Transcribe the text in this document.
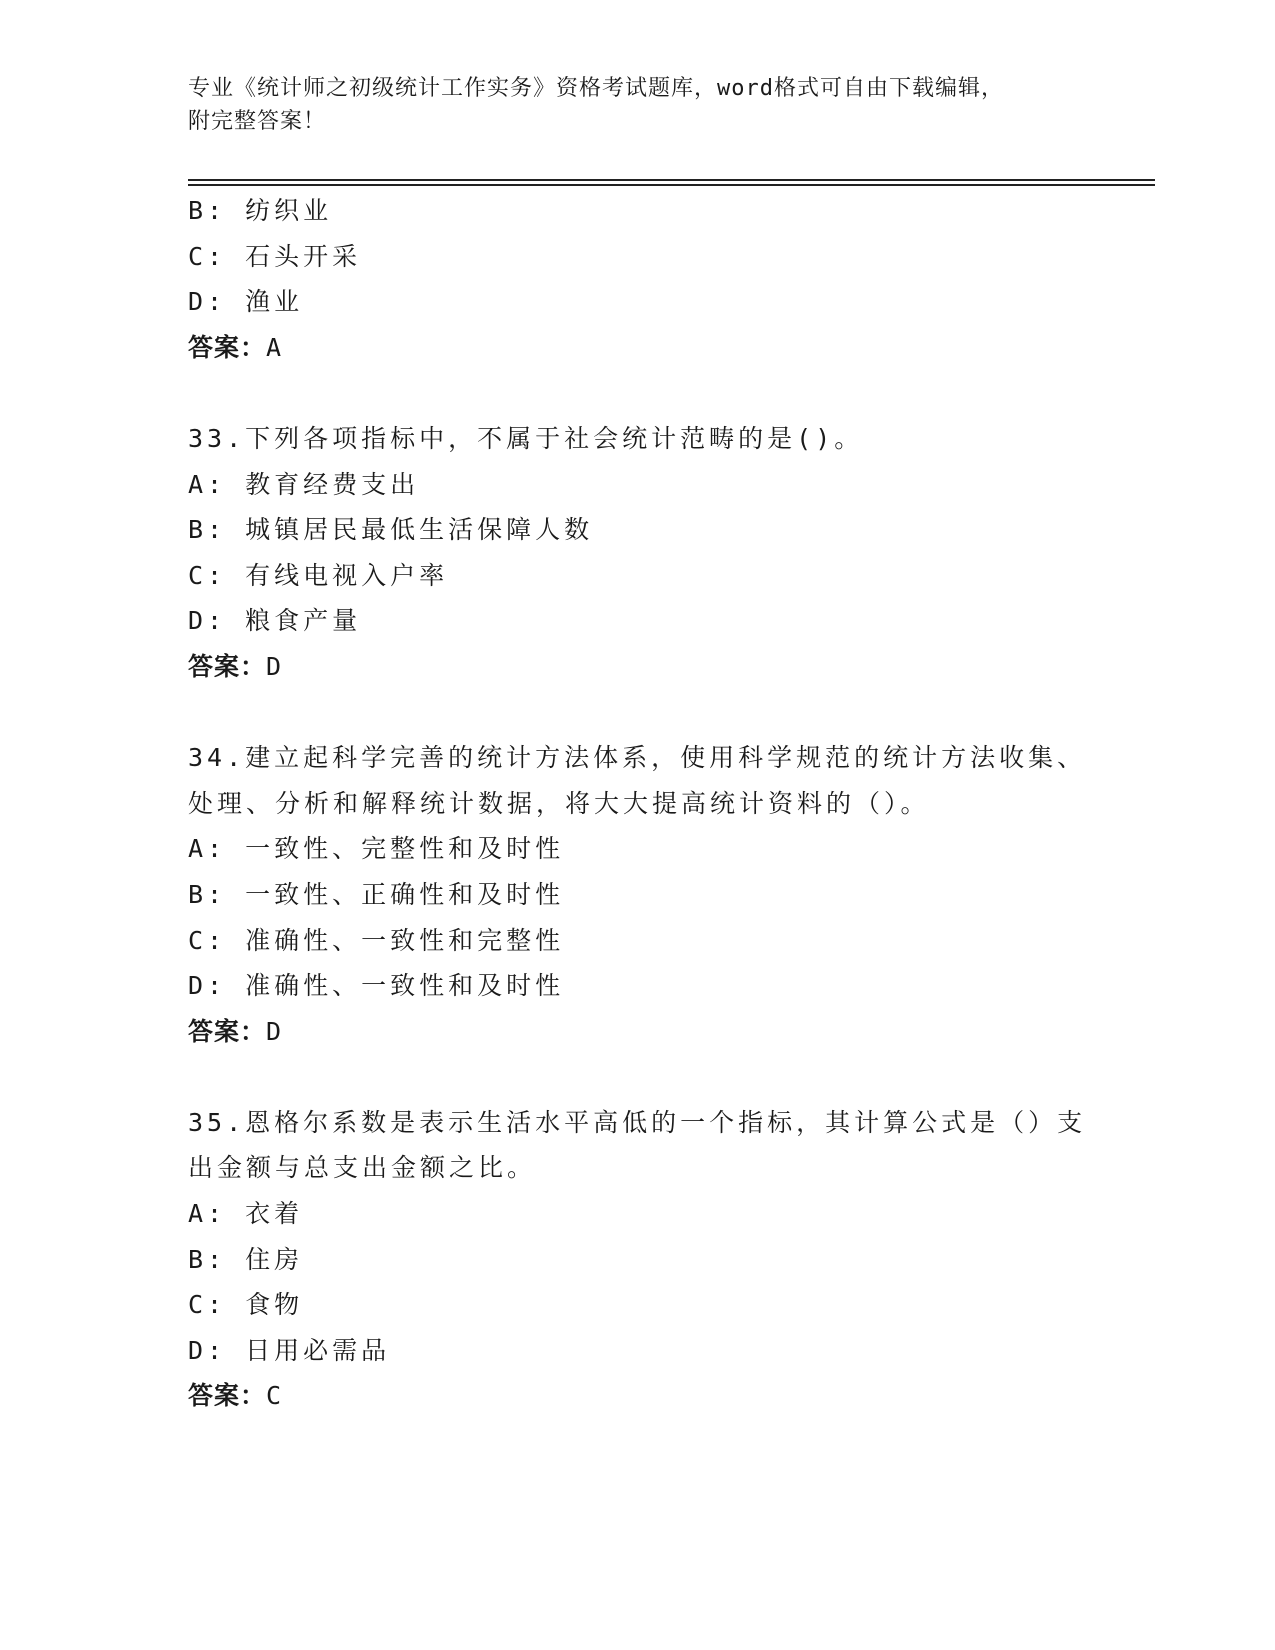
专业《统计师之初级统计工作实务》资格考试题库，word格式可自由下载编辑，
附完整答案！
B: 纺织业
C: 石头开采
D: 渔业
答案：A
33.下列各项指标中，不属于社会统计范畴的是()。
A: 教育经费支出
B: 城镇居民最低生活保障人数
C: 有线电视入户率
D: 粮食产量
答案：D
34.建立起科学完善的统计方法体系，使用科学规范的统计方法收集、处理、分析和解释统计数据，将大大提高统计资料的（）。
A: 一致性、完整性和及时性
B: 一致性、正确性和及时性
C: 准确性、一致性和完整性
D: 准确性、一致性和及时性
答案：D
35.恩格尔系数是表示生活水平高低的一个指标，其计算公式是（）支出金额与总支出金额之比。
A: 衣着
B: 住房
C: 食物
D: 日用必需品
答案：C
